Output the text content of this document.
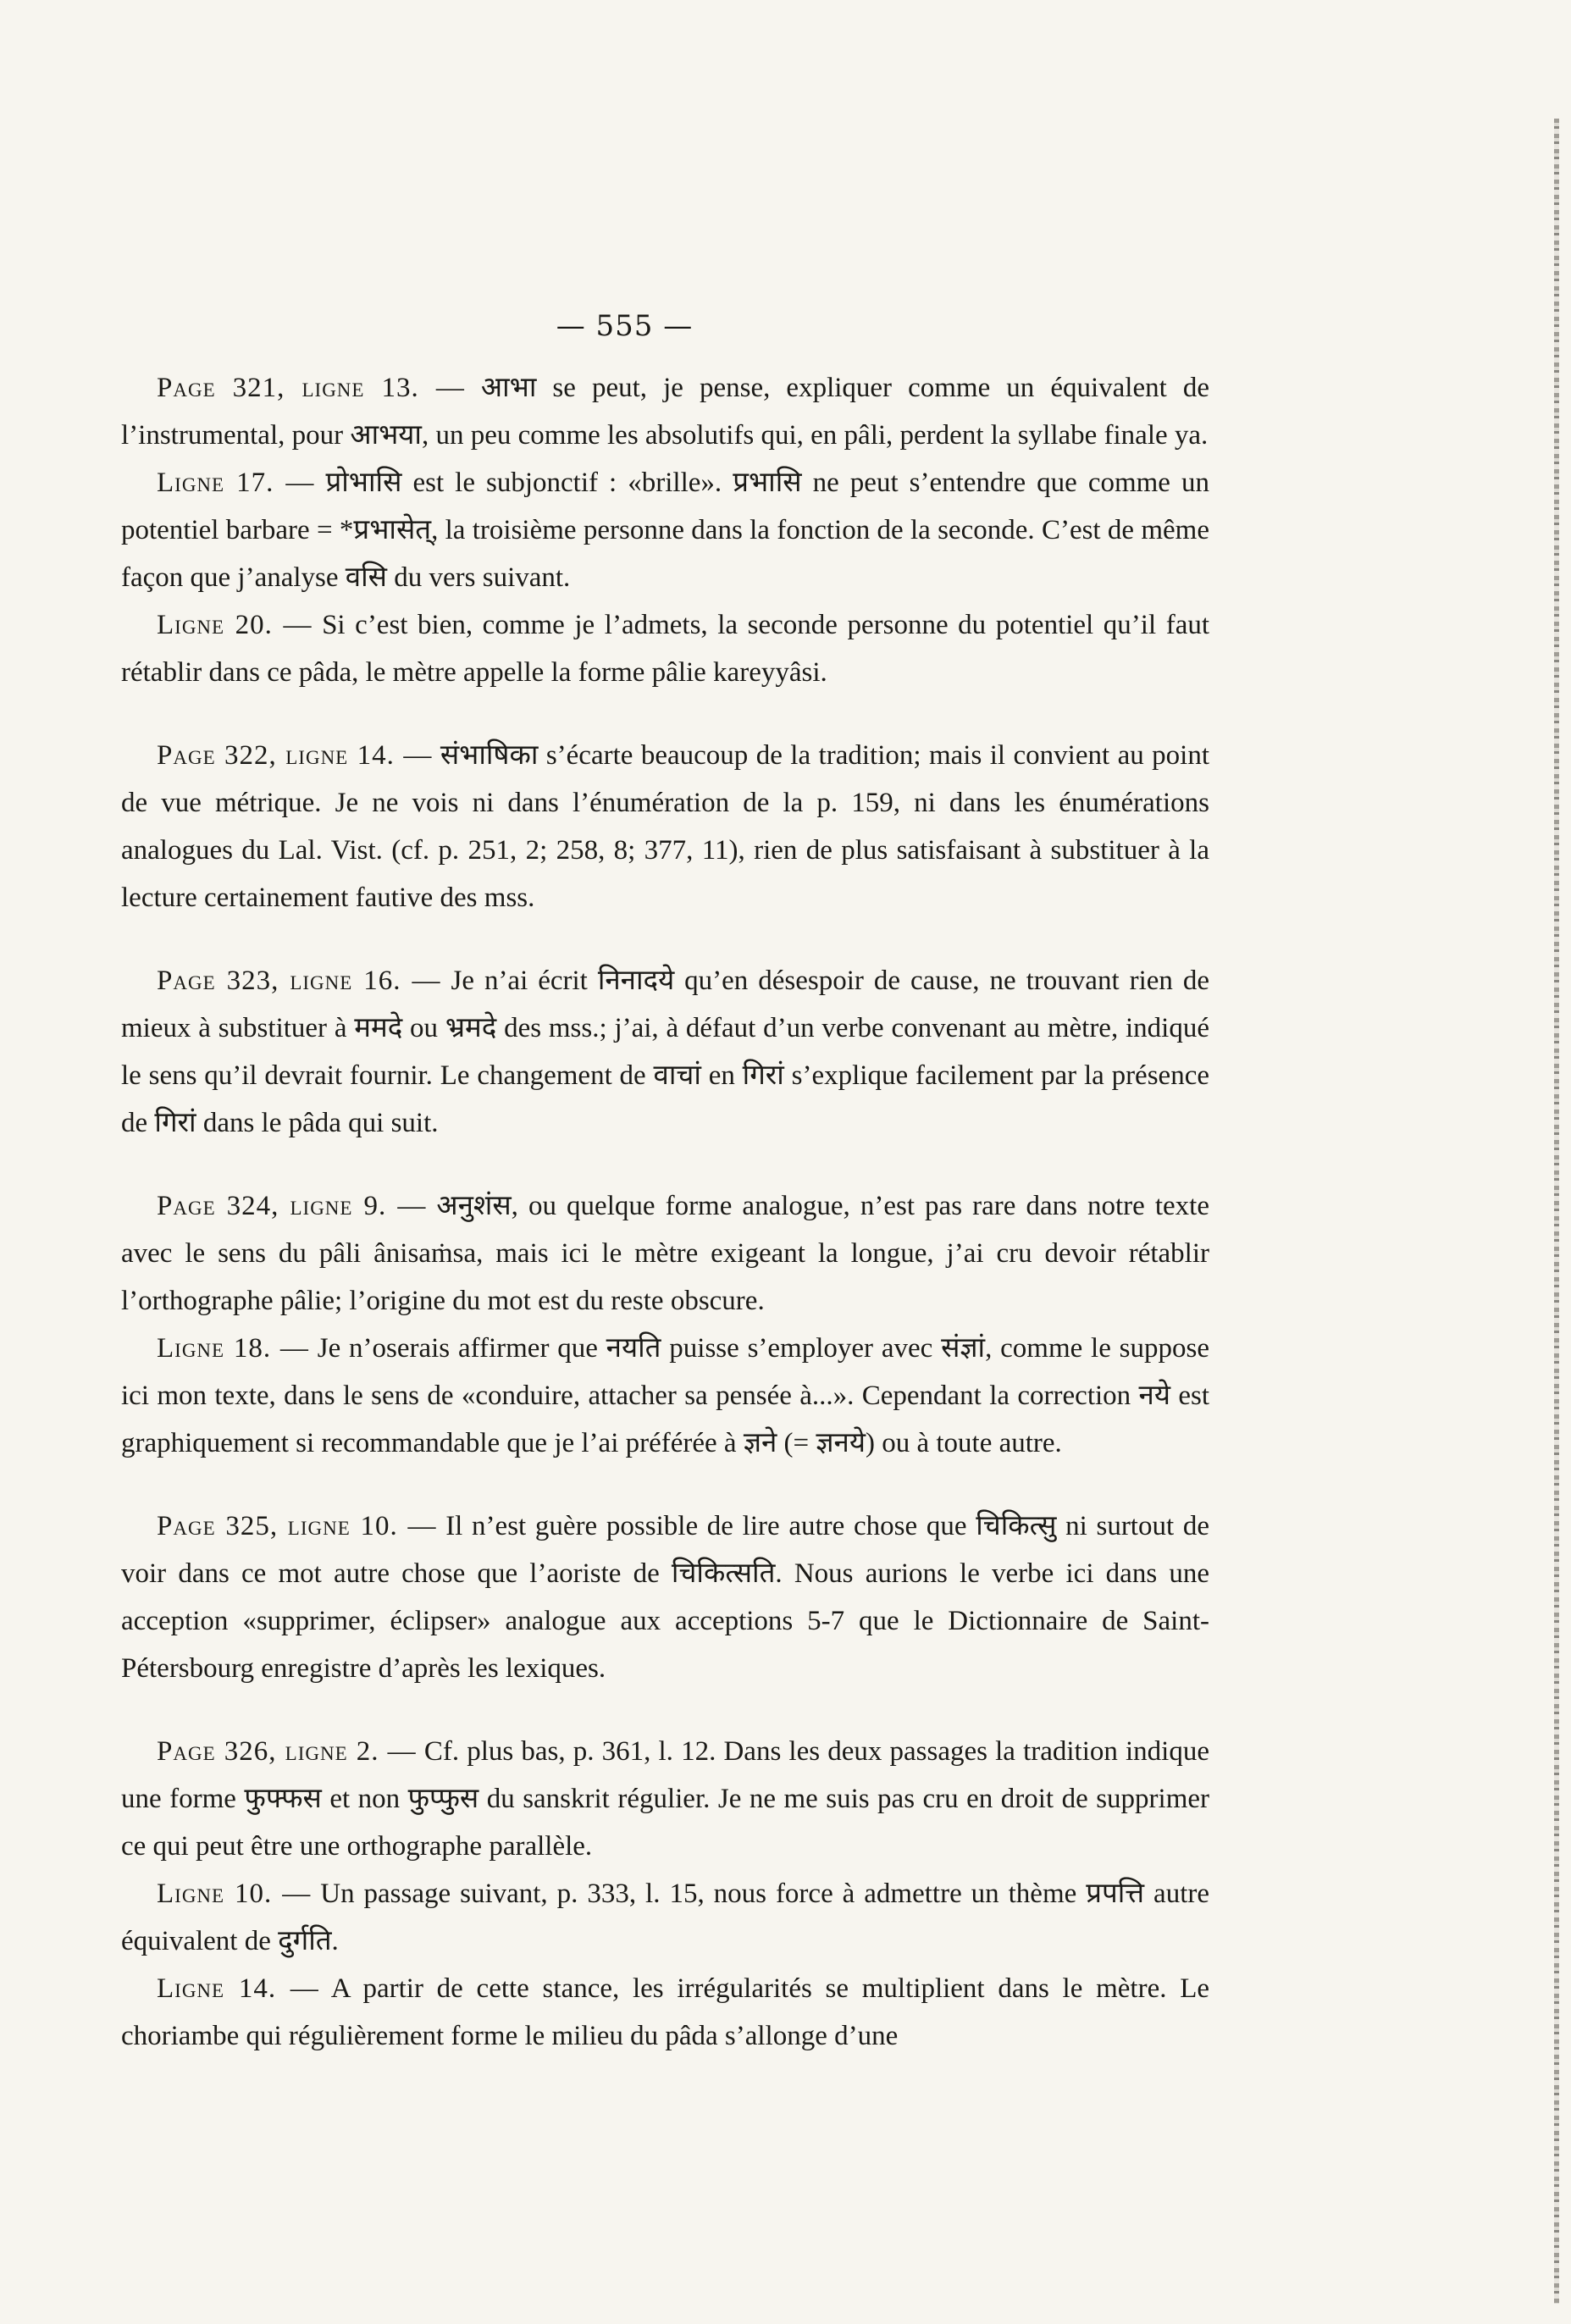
— 555 —

Page 321, ligne 13. — आभा se peut, je pense, expliquer comme un équivalent de l’instrumental, pour आभया, un peu comme les absolutifs qui, en pâli, perdent la syllabe finale ya.

Ligne 17. — प्रोभासि est le subjonctif : «brille». प्रभासि ne peut s’entendre que comme un potentiel barbare = *प्रभासेत्, la troisième personne dans la fonction de la seconde. C’est de même façon que j’analyse वसि du vers suivant.

Ligne 20. — Si c’est bien, comme je l’admets, la seconde personne du potentiel qu’il faut rétablir dans ce pâda, le mètre appelle la forme pâlie kareyyâsi.

Page 322, ligne 14. — संभाषिका s’écarte beaucoup de la tradition; mais il convient au point de vue métrique. Je ne vois ni dans l’énumération de la p. 159, ni dans les énumérations analogues du Lal. Vist. (cf. p. 251, 2; 258, 8; 377, 11), rien de plus satisfaisant à substituer à la lecture certainement fautive des mss.

Page 323, ligne 16. — Je n’ai écrit निनादये qu’en désespoir de cause, ne trouvant rien de mieux à substituer à ममदे ou भ्रमदे des mss.; j’ai, à défaut d’un verbe convenant au mètre, indiqué le sens qu’il devrait fournir. Le changement de वाचां en गिरां s’explique facilement par la présence de गिरां dans le pâda qui suit.

Page 324, ligne 9. — अनुशंस, ou quelque forme analogue, n’est pas rare dans notre texte avec le sens du pâli ânisaṁsa, mais ici le mètre exigeant la longue, j’ai cru devoir rétablir l’orthographe pâlie; l’origine du mot est du reste obscure.

Ligne 18. — Je n’oserais affirmer que नयति puisse s’employer avec संज्ञां, comme le suppose ici mon texte, dans le sens de «conduire, attacher sa pensée à...». Cependant la correction नये est graphiquement si recommandable que je l’ai préférée à ज्ञने (= ज्ञनये) ou à toute autre.

Page 325, ligne 10. — Il n’est guère possible de lire autre chose que चिकित्सु ni surtout de voir dans ce mot autre chose que l’aoriste de चिकित्सति. Nous aurions le verbe ici dans une acception «supprimer, éclipser» analogue aux acceptions 5-7 que le Dictionnaire de Saint-Pétersbourg enregistre d’après les lexiques.

Page 326, ligne 2. — Cf. plus bas, p. 361, l. 12. Dans les deux passages la tradition indique une forme फुफ्फस et non फुप्फुस du sanskrit régulier. Je ne me suis pas cru en droit de supprimer ce qui peut être une orthographe parallèle.

Ligne 10. — Un passage suivant, p. 333, l. 15, nous force à admettre un thème प्रपत्ति autre équivalent de दुर्गति.

Ligne 14. — A partir de cette stance, les irrégularités se multiplient dans le mètre. Le choriambe qui régulièrement forme le milieu du pâda s’allonge d’une
